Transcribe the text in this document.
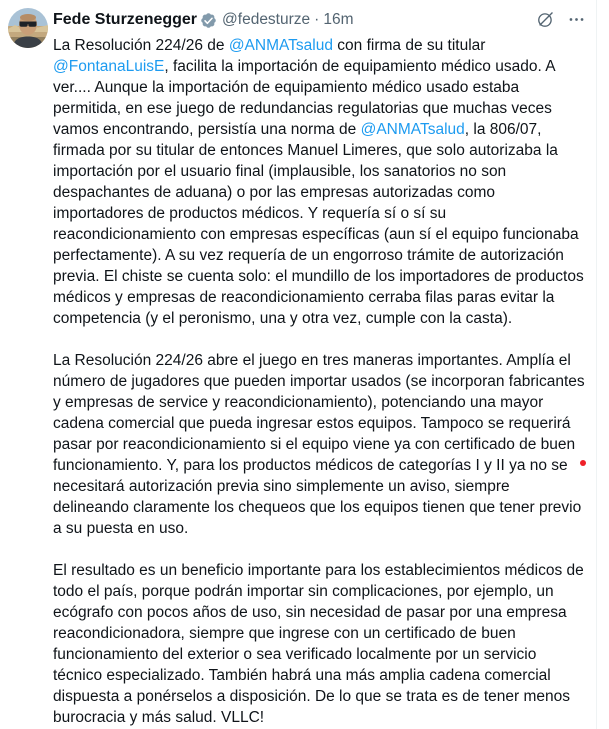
Fede Sturzenegger @fedesturze · 16m

La Resolución 224/26 de @ANMATsalud con firma de su titular @FontanaLuisE, facilita la importación de equipamiento médico usado. A ver.... Aunque la importación de equipamiento médico usado estaba permitida, en ese juego de redundancias regulatorias que muchas veces vamos encontrando, persistía una norma de @ANMATsalud, la 806/07, firmada por su titular de entonces Manuel Limeres, que solo autorizaba la importación por el usuario final (implausible, los sanatorios no son despachantes de aduana) o por las empresas autorizadas como importadores de productos médicos. Y requería sí o sí su reacondicionamiento con empresas específicas (aun sí el equipo funcionaba perfectamente). A su vez requería de un engorroso trámite de autorización previa. El chiste se cuenta solo: el mundillo de los importadores de productos médicos y empresas de reacondicionamiento cerraba filas paras evitar la competencia (y el peronismo, una y otra vez, cumple con la casta).

La Resolución 224/26 abre el juego en tres maneras importantes. Amplía el número de jugadores que pueden importar usados (se incorporan fabricantes y empresas de service y reacondicionamiento), potenciando una mayor cadena comercial que pueda ingresar estos equipos. Tampoco se requerirá pasar por reacondicionamiento si el equipo viene ya con certificado de buen funcionamiento. Y, para los productos médicos de categorías I y II ya no se necesitará autorización previa sino simplemente un aviso, siempre delineando claramente los chequeos que los equipos tienen que tener previo a su puesta en uso.

El resultado es un beneficio importante para los establecimientos médicos de todo el país, porque podrán importar sin complicaciones, por ejemplo, un ecógrafo con pocos años de uso, sin necesidad de pasar por una empresa reacondicionadora, siempre que ingrese con un certificado de buen funcionamiento del exterior o sea verificado localmente por un servicio técnico especializado. También habrá una más amplia cadena comercial dispuesta a ponérselos a disposición. De lo que se trata es de tener menos burocracia y más salud. VLLC!
